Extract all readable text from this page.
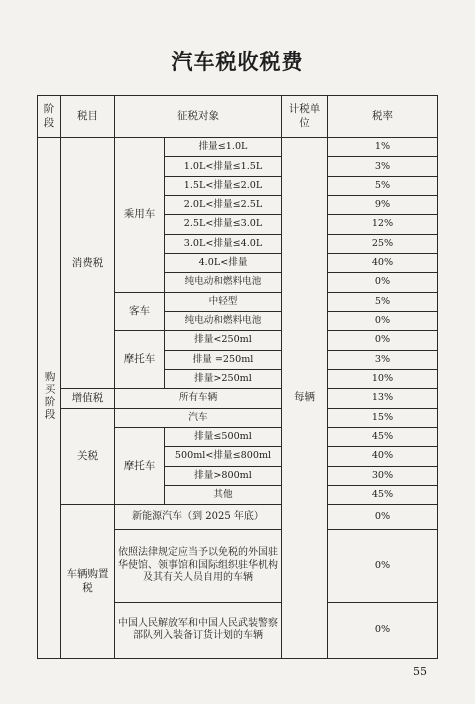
汽车税收税费
阶段	税目	征税对象		计税单位	税率
购买阶段	消费税	乘用车	排量≤1.0L	每辆	1%
			1.0L<排量≤1.5L		3%
			1.5L<排量≤2.0L		5%
			2.0L<排量≤2.5L		9%
			2.5L<排量≤3.0L		12%
			3.0L<排量≤4.0L		25%
			4.0L<排量		40%
			纯电动和燃料电池		0%
		客车	中轻型		5%
			纯电动和燃料电池		0%
		摩托车	排量<250ml		0%
			排量 =250ml		3%
			排量>250ml		10%
	增值税	所有车辆			13%
	关税	汽车			15%
		摩托车	排量≤500ml		45%
			500ml<排量≤800ml		40%
			排量>800ml		30%
			其他		45%
	车辆购置税	新能源汽车（到 2025 年底）			0%
		依照法律规定应当予以免税的外国驻华使馆、领事馆和国际组织驻华机构及其有关人员自用的车辆			0%
		中国人民解放军和中国人民武装警察部队列入装备订货计划的车辆			0%
55
